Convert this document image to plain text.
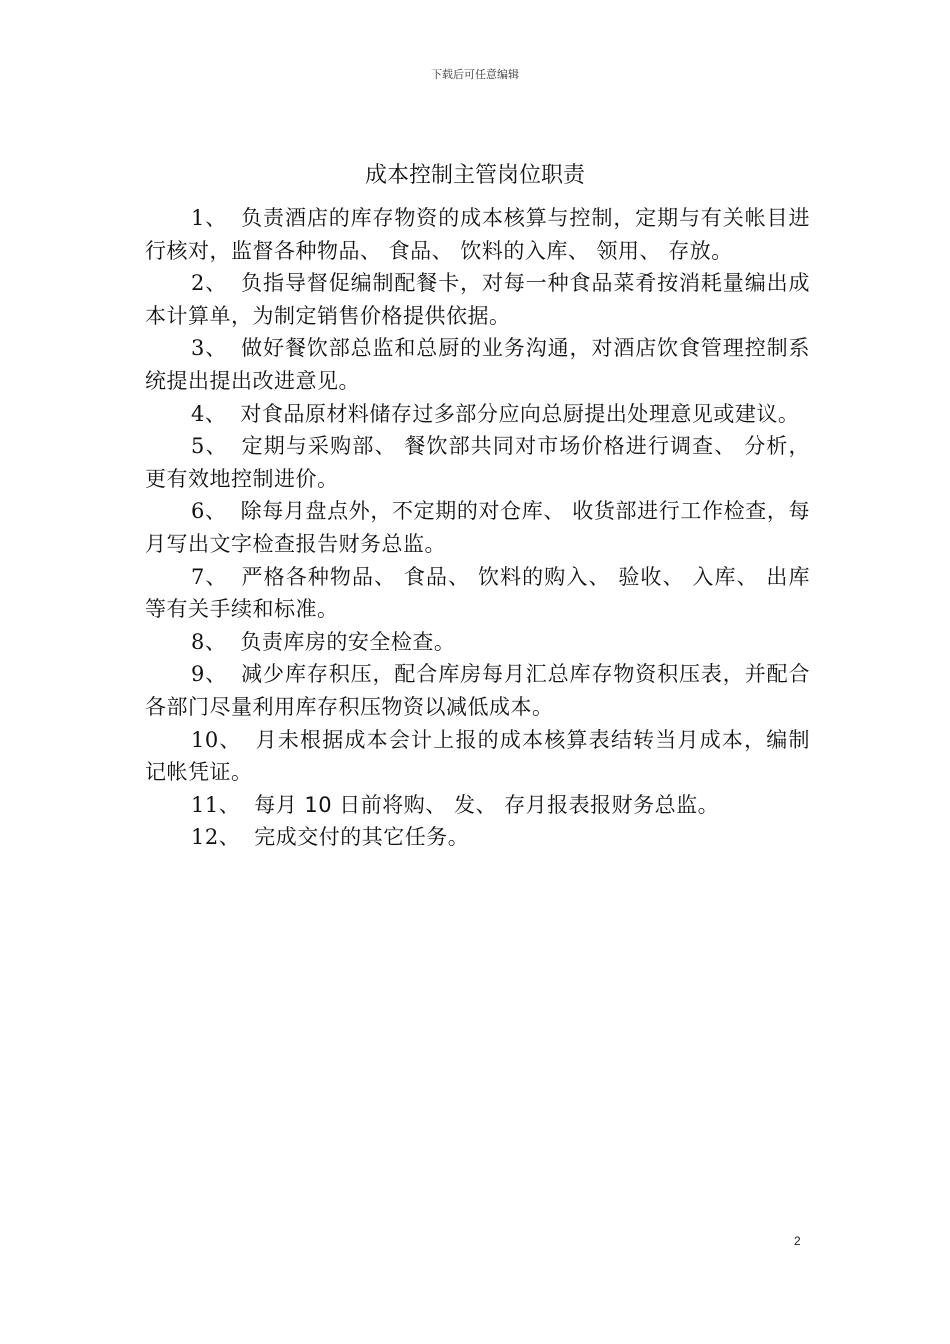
下载后可任意编辑
成本控制主管岗位职责

1、 负责酒店的库存物资的成本核算与控制，定期与有关帐目进行核对，监督各种物品、 食品、 饮料的入库、 领用、 存放。

2、 负指导督促编制配餐卡，对每一种食品菜肴按消耗量编出成本计算单，为制定销售价格提供依据。

3、 做好餐饮部总监和总厨的业务沟通，对酒店饮食管理控制系统提出提出改进意见。

4、 对食品原材料储存过多部分应向总厨提出处理意见或建议。

5、 定期与采购部、 餐饮部共同对市场价格进行调查、 分析，更有效地控制进价。

6、 除每月盘点外，不定期的对仓库、 收货部进行工作检查，每月写出文字检查报告财务总监。

7、 严格各种物品、 食品、 饮料的购入、 验收、 入库、 出库等有关手续和标准。

8、 负责库房的安全检查。

9、 减少库存积压，配合库房每月汇总库存物资积压表，并配合各部门尽量利用库存积压物资以减低成本。

10、 月未根据成本会计上报的成本核算表结转当月成本，编制记帐凭证。

11、 每月 10 日前将购、 发、 存月报表报财务总监。

12、 完成交付的其它任务。

2
